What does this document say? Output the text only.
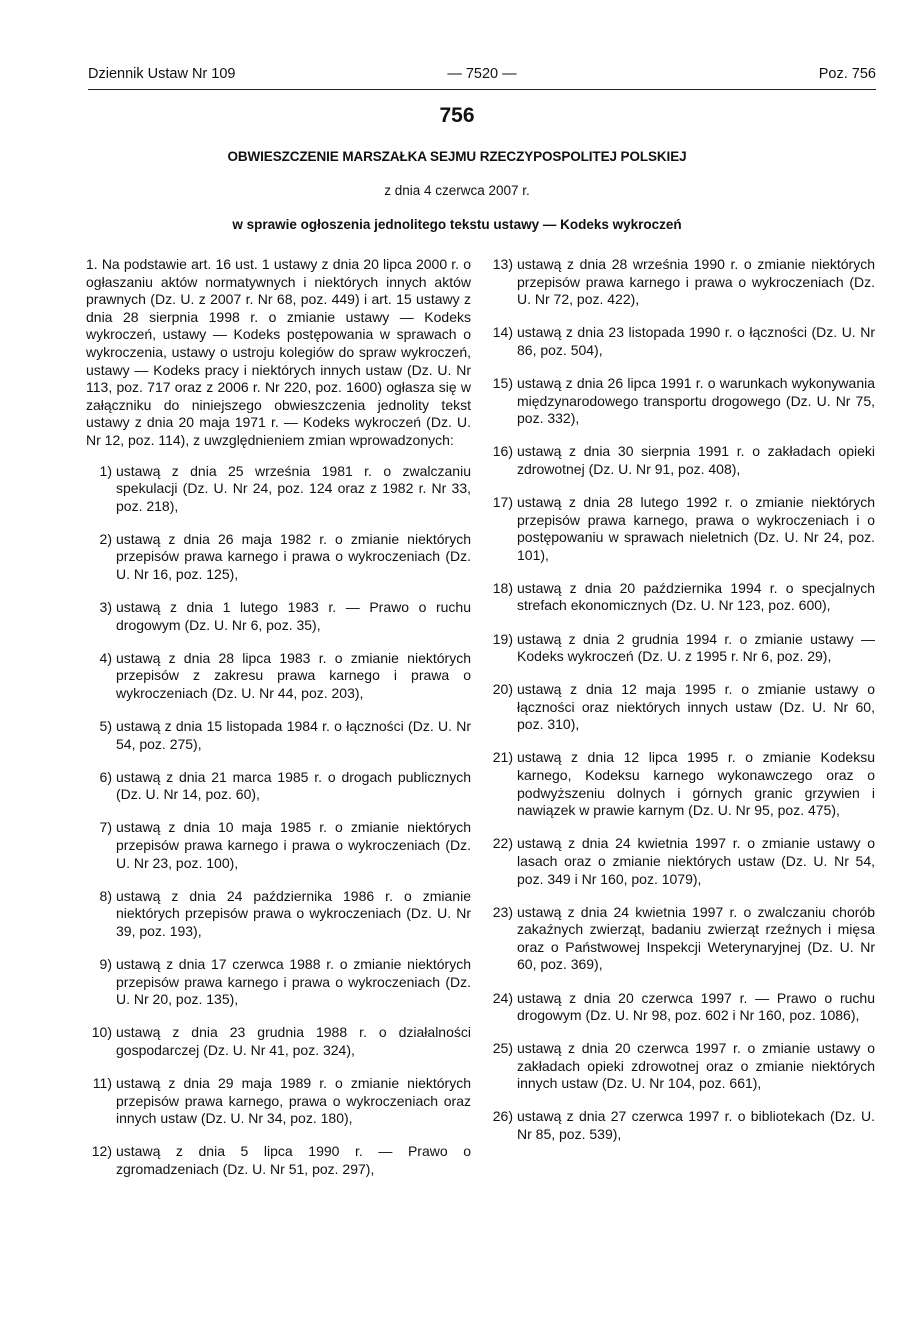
Dziennik Ustaw Nr 109	— 7520 —	Poz. 756
756
OBWIESZCZENIE MARSZAŁKA SEJMU RZECZYPOSPOLITEJ POLSKIEJ
z dnia 4 czerwca 2007 r.
w sprawie ogłoszenia jednolitego tekstu ustawy — Kodeks wykroczeń

1. Na podstawie art. 16 ust. 1 ustawy z dnia 20 lipca 2000 r. o ogłaszaniu aktów normatywnych i niektórych innych aktów prawnych (Dz. U. z 2007 r. Nr 68, poz. 449) i art. 15 ustawy z dnia 28 sierpnia 1998 r. o zmianie ustawy — Kodeks wykroczeń, ustawy — Kodeks postępowania w sprawach o wykroczenia, ustawy o ustroju kolegiów do spraw wykroczeń, ustawy — Kodeks pracy i niektórych innych ustaw (Dz. U. Nr 113, poz. 717 oraz z 2006 r. Nr 220, poz. 1600) ogłasza się w załączniku do niniejszego obwieszczenia jednolity tekst ustawy z dnia 20 maja 1971 r. — Kodeks wykroczeń (Dz. U. Nr 12, poz. 114), z uwzględnieniem zmian wprowadzonych:

1) ustawą z dnia 25 września 1981 r. o zwalczaniu spekulacji (Dz. U. Nr 24, poz. 124 oraz z 1982 r. Nr 33, poz. 218),
2) ustawą z dnia 26 maja 1982 r. o zmianie niektórych przepisów prawa karnego i prawa o wykroczeniach (Dz. U. Nr 16, poz. 125),
3) ustawą z dnia 1 lutego 1983 r. — Prawo o ruchu drogowym (Dz. U. Nr 6, poz. 35),
4) ustawą z dnia 28 lipca 1983 r. o zmianie niektórych przepisów z zakresu prawa karnego i prawa o wykroczeniach (Dz. U. Nr 44, poz. 203),
5) ustawą z dnia 15 listopada 1984 r. o łączności (Dz. U. Nr 54, poz. 275),
6) ustawą z dnia 21 marca 1985 r. o drogach publicznych (Dz. U. Nr 14, poz. 60),
7) ustawą z dnia 10 maja 1985 r. o zmianie niektórych przepisów prawa karnego i prawa o wykroczeniach (Dz. U. Nr 23, poz. 100),
8) ustawą z dnia 24 października 1986 r. o zmianie niektórych przepisów prawa o wykroczeniach (Dz. U. Nr 39, poz. 193),
9) ustawą z dnia 17 czerwca 1988 r. o zmianie niektórych przepisów prawa karnego i prawa o wykroczeniach (Dz. U. Nr 20, poz. 135),
10) ustawą z dnia 23 grudnia 1988 r. o działalności gospodarczej (Dz. U. Nr 41, poz. 324),
11) ustawą z dnia 29 maja 1989 r. o zmianie niektórych przepisów prawa karnego, prawa o wykroczeniach oraz innych ustaw (Dz. U. Nr 34, poz. 180),
12) ustawą z dnia 5 lipca 1990 r. — Prawo o zgromadzeniach (Dz. U. Nr 51, poz. 297),
13) ustawą z dnia 28 września 1990 r. o zmianie niektórych przepisów prawa karnego i prawa o wykroczeniach (Dz. U. Nr 72, poz. 422),
14) ustawą z dnia 23 listopada 1990 r. o łączności (Dz. U. Nr 86, poz. 504),
15) ustawą z dnia 26 lipca 1991 r. o warunkach wykonywania międzynarodowego transportu drogowego (Dz. U. Nr 75, poz. 332),
16) ustawą z dnia 30 sierpnia 1991 r. o zakładach opieki zdrowotnej (Dz. U. Nr 91, poz. 408),
17) ustawą z dnia 28 lutego 1992 r. o zmianie niektórych przepisów prawa karnego, prawa o wykroczeniach i o postępowaniu w sprawach nieletnich (Dz. U. Nr 24, poz. 101),
18) ustawą z dnia 20 października 1994 r. o specjalnych strefach ekonomicznych (Dz. U. Nr 123, poz. 600),
19) ustawą z dnia 2 grudnia 1994 r. o zmianie ustawy — Kodeks wykroczeń (Dz. U. z 1995 r. Nr 6, poz. 29),
20) ustawą z dnia 12 maja 1995 r. o zmianie ustawy o łączności oraz niektórych innych ustaw (Dz. U. Nr 60, poz. 310),
21) ustawą z dnia 12 lipca 1995 r. o zmianie Kodeksu karnego, Kodeksu karnego wykonawczego oraz o podwyższeniu dolnych i górnych granic grzywien i nawiązek w prawie karnym (Dz. U. Nr 95, poz. 475),
22) ustawą z dnia 24 kwietnia 1997 r. o zmianie ustawy o lasach oraz o zmianie niektórych ustaw (Dz. U. Nr 54, poz. 349 i Nr 160, poz. 1079),
23) ustawą z dnia 24 kwietnia 1997 r. o zwalczaniu chorób zakaźnych zwierząt, badaniu zwierząt rzeźnych i mięsa oraz o Państwowej Inspekcji Weterynaryjnej (Dz. U. Nr 60, poz. 369),
24) ustawą z dnia 20 czerwca 1997 r. — Prawo o ruchu drogowym (Dz. U. Nr 98, poz. 602 i Nr 160, poz. 1086),
25) ustawą z dnia 20 czerwca 1997 r. o zmianie ustawy o zakładach opieki zdrowotnej oraz o zmianie niektórych innych ustaw (Dz. U. Nr 104, poz. 661),
26) ustawą z dnia 27 czerwca 1997 r. o bibliotekach (Dz. U. Nr 85, poz. 539),
